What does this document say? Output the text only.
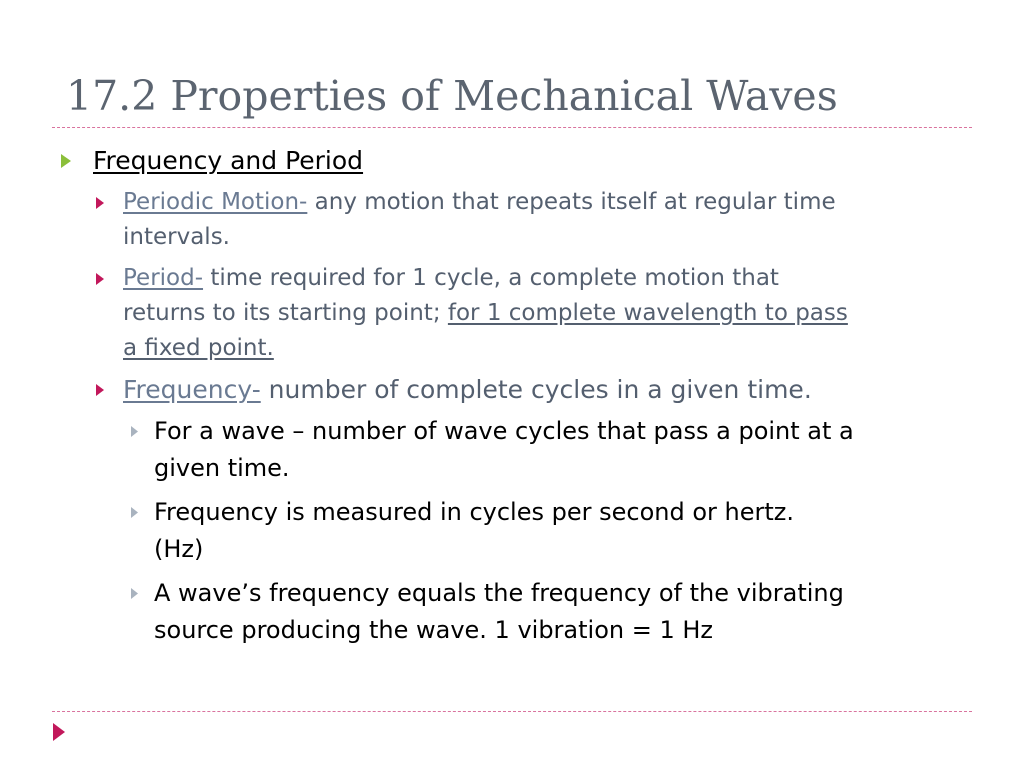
17.2 Properties of Mechanical Waves
Frequency and Period
Periodic Motion- any motion that repeats itself at regular time
intervals.
Period- time required for 1 cycle, a complete motion that
returns to its starting point; for 1 complete wavelength to pass
a fixed point.
Frequency- number of complete cycles in a given time.
For a wave – number of wave cycles that pass a point at a
given time.
Frequency is measured in cycles per second or hertz.
(Hz)
A wave’s frequency equals the frequency of the vibrating
source producing the wave. 1 vibration = 1 Hz
